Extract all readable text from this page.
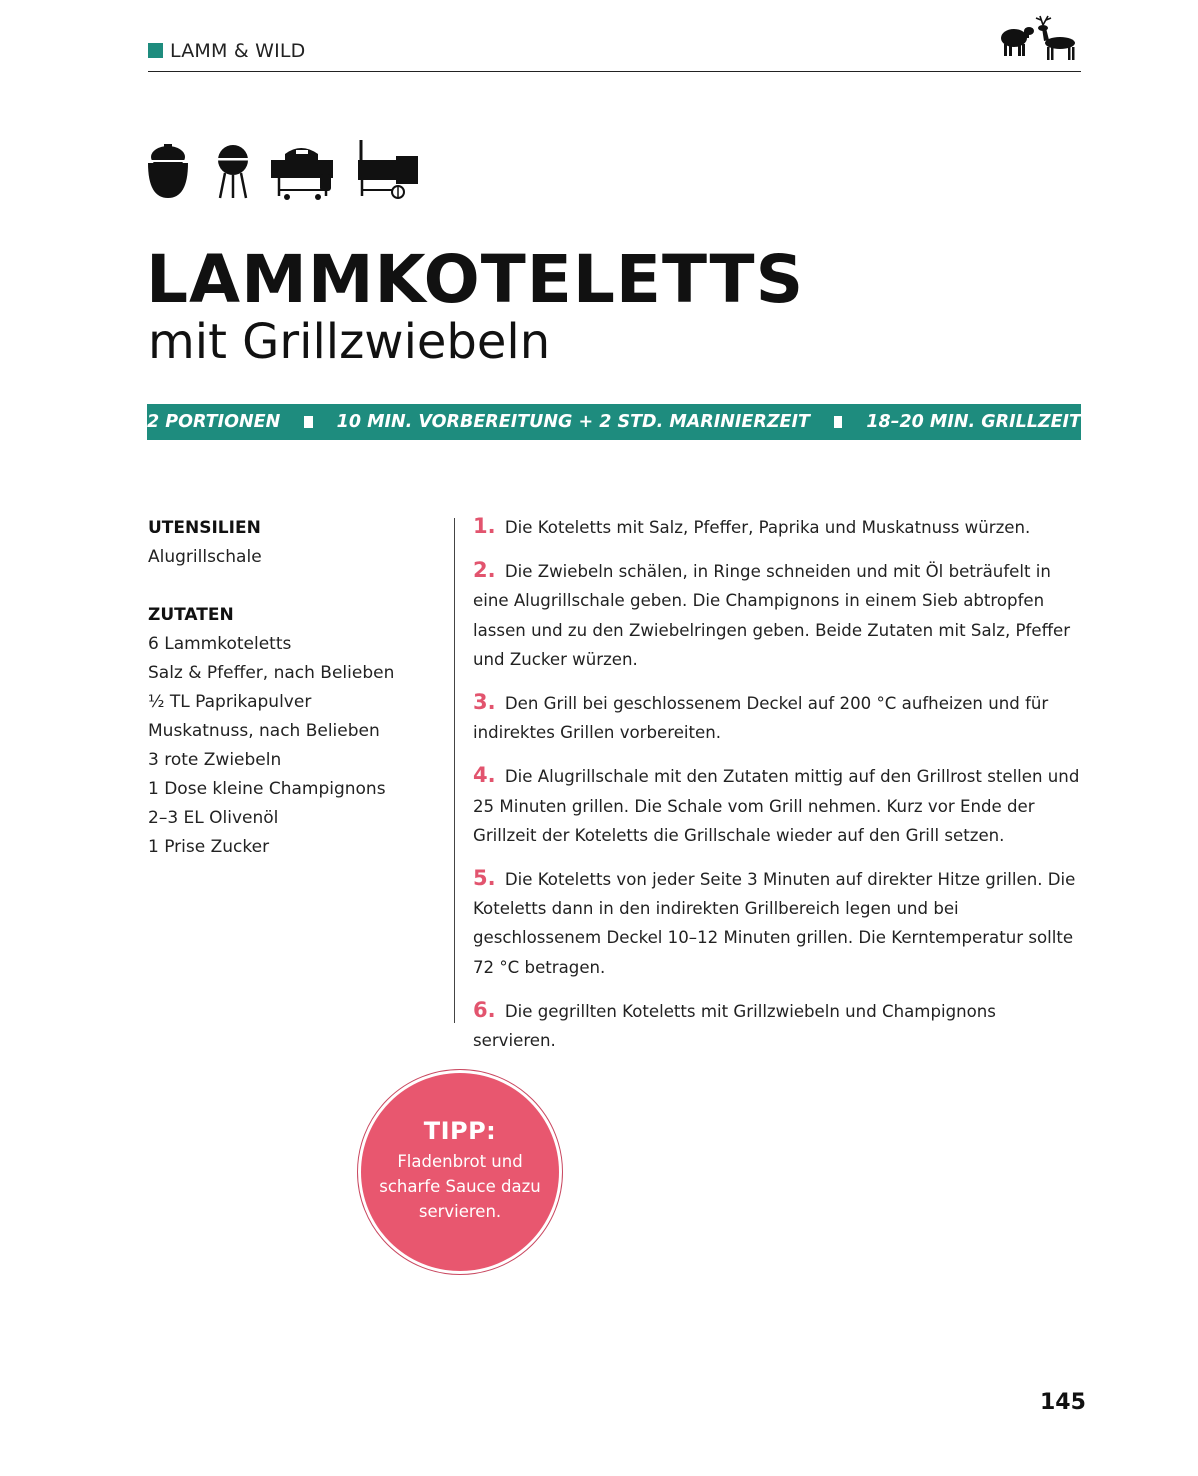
LAMM & WILD
LAMMKOTELETTS
mit Grillzwiebeln
2 PORTIONEN	10 MIN. VORBEREITUNG + 2 STD. MARINIERZEIT	18–20 MIN. GRILLZEIT
UTENSILIEN
Alugrillschale
ZUTATEN
6 Lammkoteletts
Salz & Pfeffer, nach Belieben
½ TL Paprikapulver
Muskatnuss, nach Belieben
3 rote Zwiebeln
1 Dose kleine Champignons
2–3 EL Olivenöl
1 Prise Zucker

1. Die Koteletts mit Salz, Pfeffer, Paprika und Muskatnuss würzen.

2. Die Zwiebeln schälen, in Ringe schneiden und mit Öl beträufelt in eine Alugrillschale geben. Die Champignons in einem Sieb abtropfen lassen und zu den Zwiebelringen geben. Beide Zutaten mit Salz, Pfeffer und Zucker würzen.

3. Den Grill bei geschlossenem Deckel auf 200 °C aufheizen und für indirektes Grillen vorbereiten.

4. Die Alugrillschale mit den Zutaten mittig auf den Grillrost stellen und 25 Minuten grillen. Die Schale vom Grill nehmen. Kurz vor Ende der Grillzeit der Koteletts die Grillschale wieder auf den Grill setzen.

5. Die Koteletts von jeder Seite 3 Minuten auf direkter Hitze grillen. Die Koteletts dann in den indirekten Grillbereich legen und bei geschlossenem Deckel 10–12 Minuten grillen. Die Kerntemperatur sollte 72 °C betragen.

6. Die gegrillten Koteletts mit Grillzwiebeln und Champignons servieren.

TIPP:
Fladenbrot und scharfe Sauce dazu servieren.
145
